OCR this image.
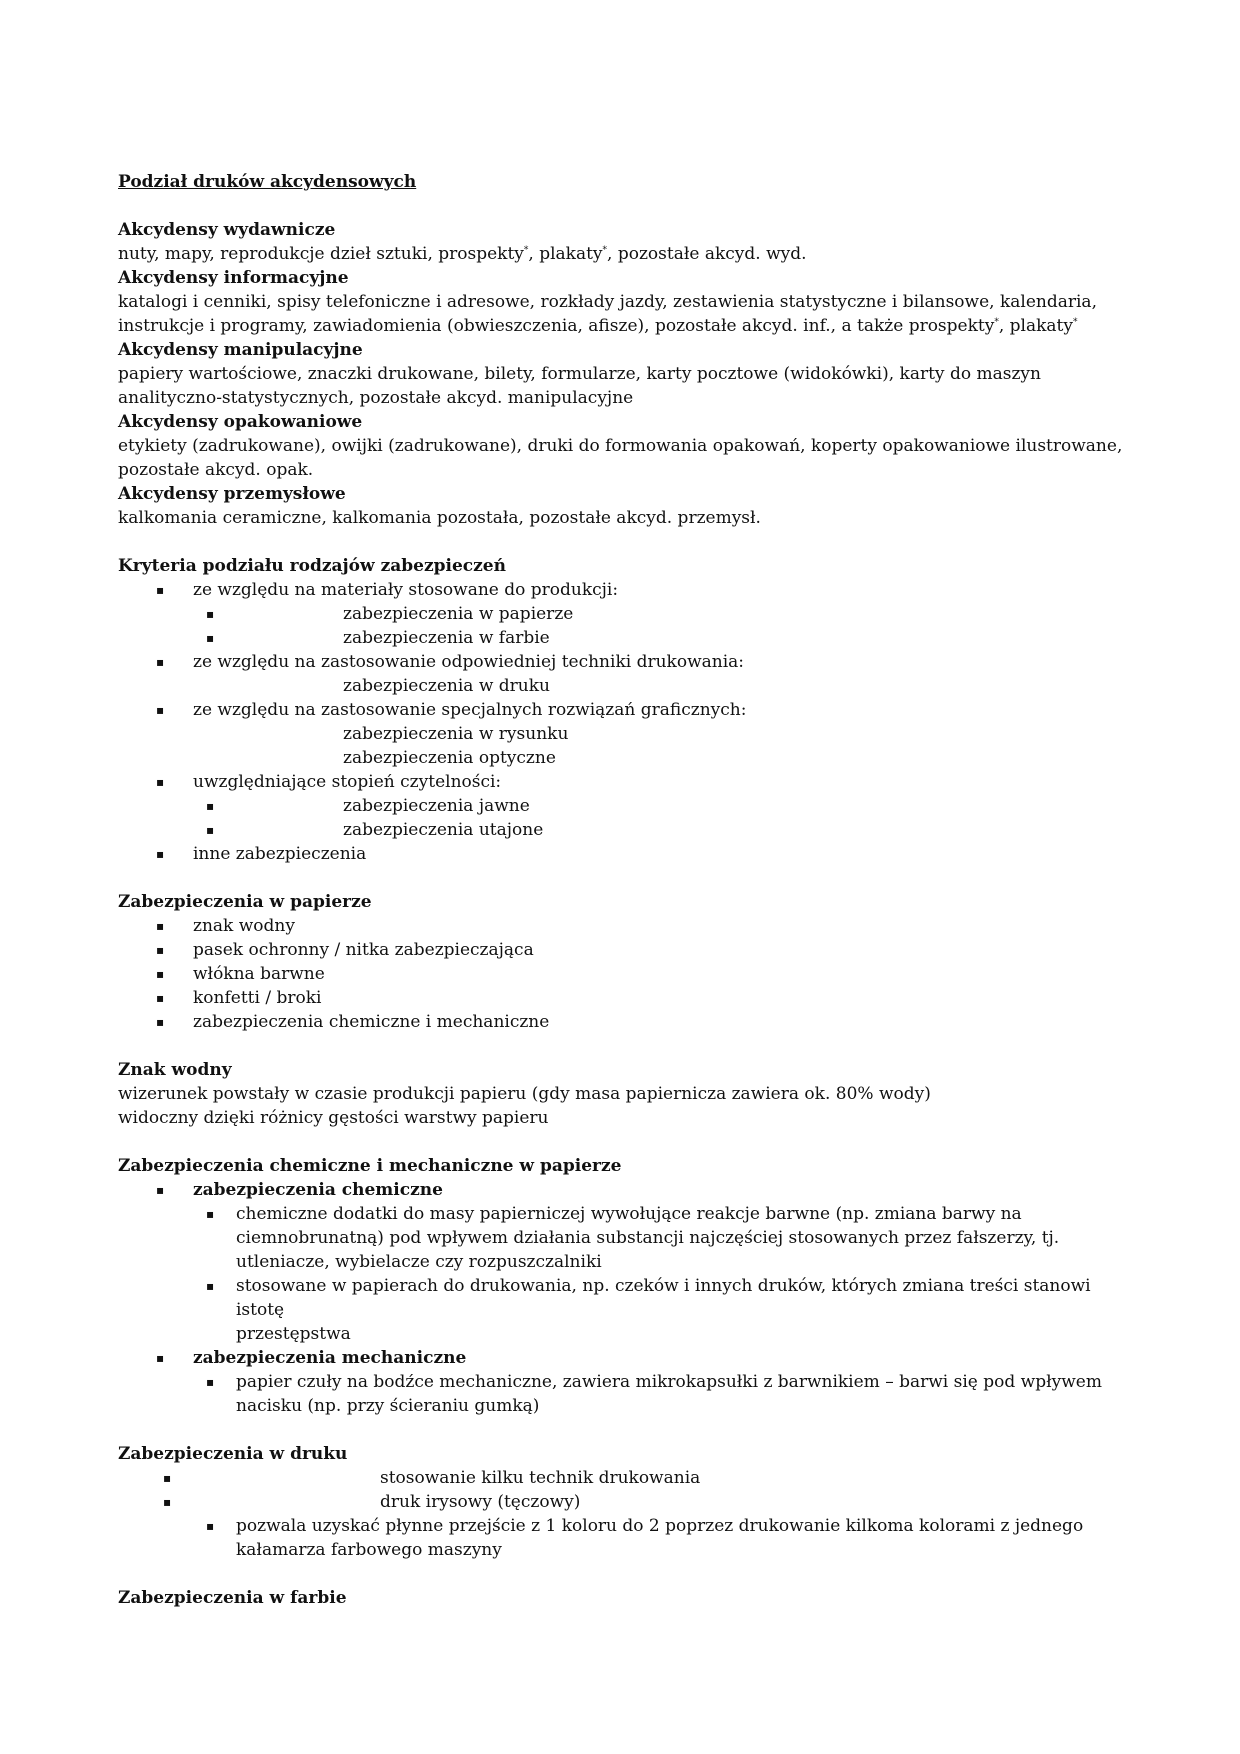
Podział druków akcydensowych

Akcydensy wydawnicze

nuty, mapy, reprodukcje dzieł sztuki, prospekty*, plakaty*, pozostałe akcyd. wyd.

Akcydensy informacyjne

katalogi i cenniki, spisy telefoniczne i adresowe, rozkłady jazdy, zestawienia statystyczne i bilansowe, kalendaria,

instrukcje i programy, zawiadomienia (obwieszczenia, afisze), pozostałe akcyd. inf., a także prospekty*, plakaty*

Akcydensy manipulacyjne

papiery wartościowe, znaczki drukowane, bilety, formularze, karty pocztowe (widokówki), karty do maszyn

analityczno-statystycznych, pozostałe akcyd. manipulacyjne

Akcydensy opakowaniowe

etykiety (zadrukowane), owijki (zadrukowane), druki do formowania opakowań, koperty opakowaniowe ilustrowane,

pozostałe akcyd. opak.

Akcydensy przemysłowe

kalkomania ceramiczne, kalkomania pozostała, pozostałe akcyd. przemysł.

Kryteria podziału rodzajów zabezpieczeń

▪ ze względu na materiały stosowane do produkcji:
▪	zabezpieczenia w papierze
▪	zabezpieczenia w farbie
▪ ze względu na zastosowanie odpowiedniej techniki drukowania:
zabezpieczenia w druku
▪ ze względu na zastosowanie specjalnych rozwiązań graficznych:
zabezpieczenia w rysunku
zabezpieczenia optyczne
▪ uwzględniające stopień czytelności:
▪	zabezpieczenia jawne
▪	zabezpieczenia utajone
▪ inne zabezpieczenia

Zabezpieczenia w papierze

▪ znak wodny
▪ pasek ochronny / nitka zabezpieczająca
▪ włókna barwne
▪ konfetti / broki
▪ zabezpieczenia chemiczne i mechaniczne

Znak wodny

wizerunek powstały w czasie produkcji papieru (gdy masa papiernicza zawiera ok. 80% wody)

widoczny dzięki różnicy gęstości warstwy papieru

Zabezpieczenia chemiczne i mechaniczne w papierze

▪ zabezpieczenia chemiczne
▪ chemiczne dodatki do masy papierniczej wywołujące reakcje barwne (np. zmiana barwy na
ciemnobrunatną) pod wpływem działania substancji najczęściej stosowanych przez fałszerzy, tj.
utleniacze, wybielacze czy rozpuszczalniki
▪ stosowane w papierach do drukowania, np. czeków i innych druków, których zmiana treści stanowi istotę
przestępstwa
▪ zabezpieczenia mechaniczne
▪ papier czuły na bodźce mechaniczne, zawiera mikrokapsułki z barwnikiem – barwi się pod wpływem
nacisku (np. przy ścieraniu gumką)

Zabezpieczenia w druku

▪	stosowanie kilku technik drukowania
▪	druk irysowy (tęczowy)
▪ pozwala uzyskać płynne przejście z 1 koloru do 2 poprzez drukowanie kilkoma kolorami z jednego
kałamarza farbowego maszyny

Zabezpieczenia w farbie
